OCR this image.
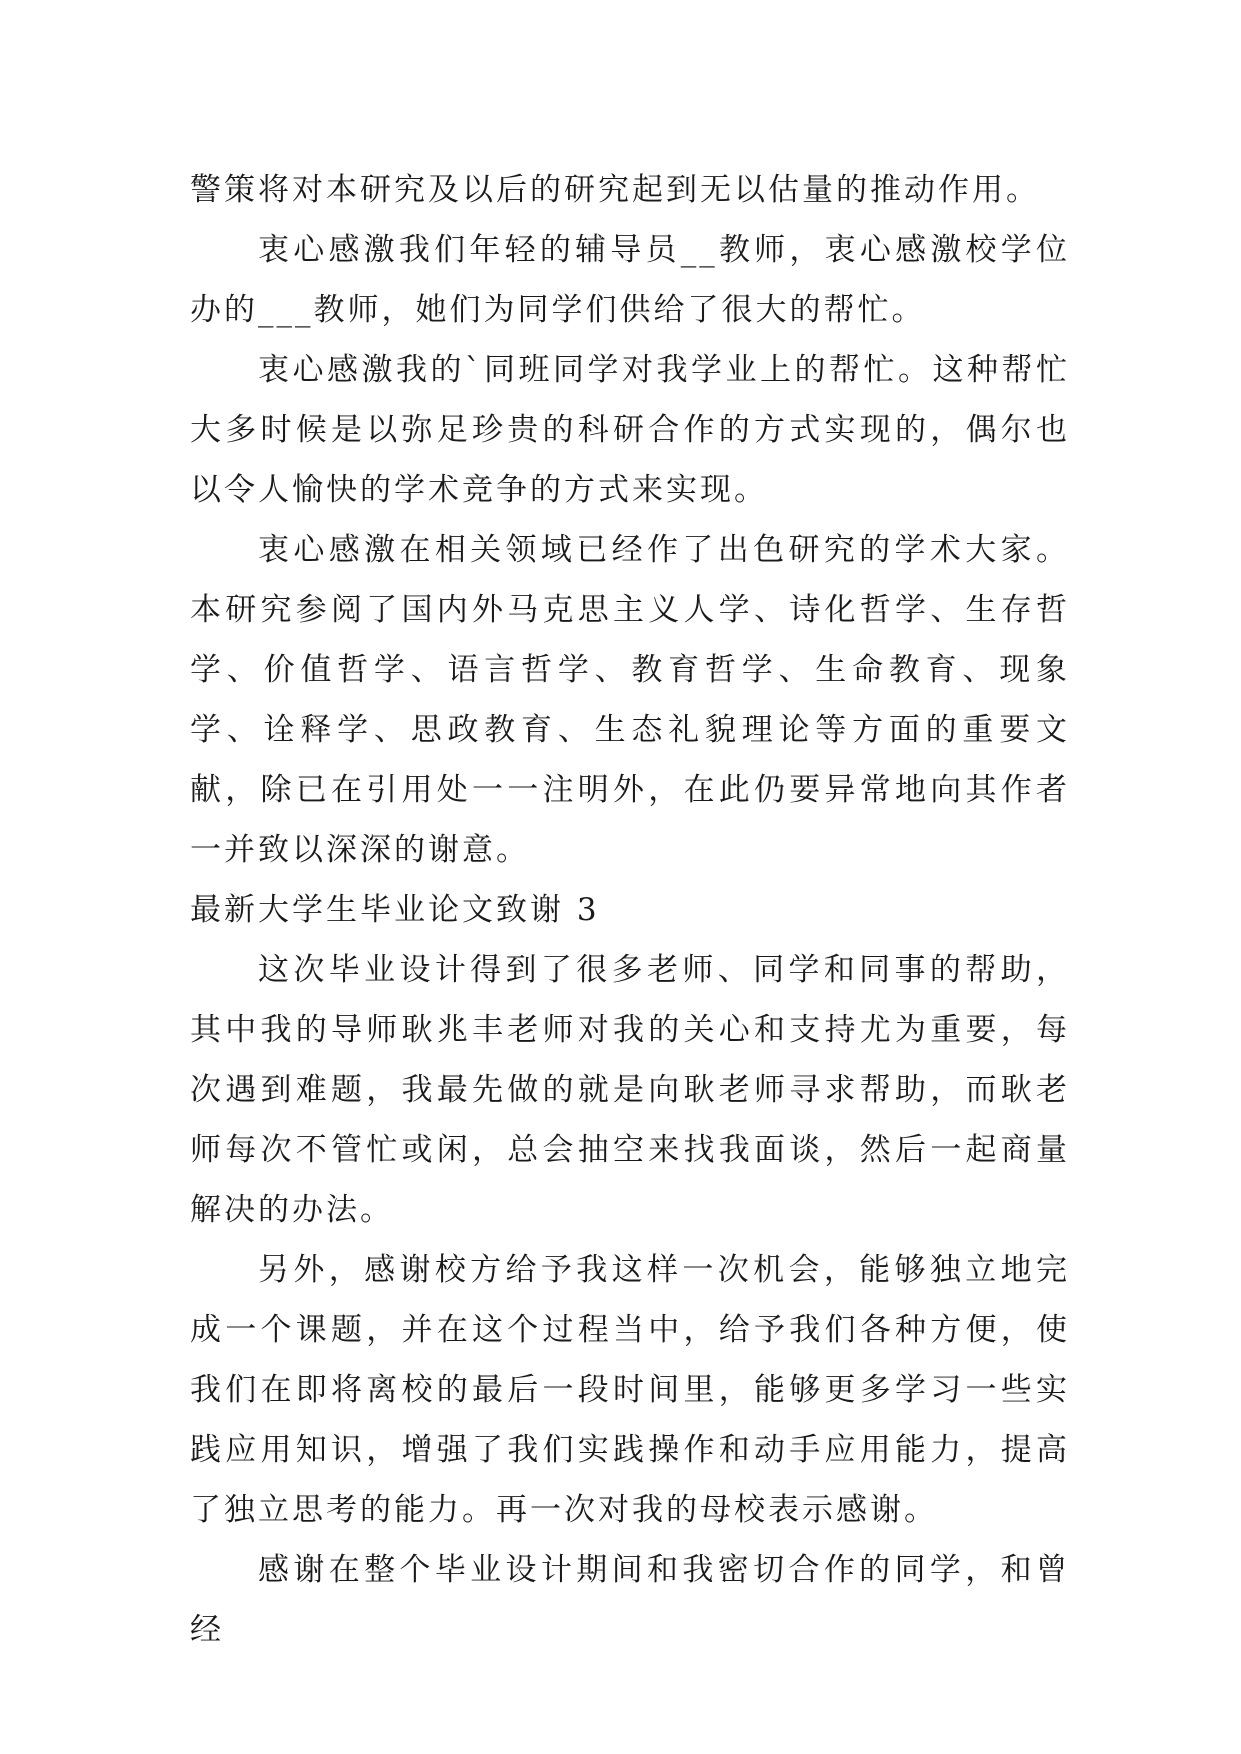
警策将对本研究及以后的研究起到无以估量的推动作用。

衷心感激我们年轻的辅导员__教师，衷心感激校学位办的___教师，她们为同学们供给了很大的帮忙。

衷心感激我的`同班同学对我学业上的帮忙。这种帮忙大多时候是以弥足珍贵的科研合作的方式实现的，偶尔也以令人愉快的学术竞争的方式来实现。

衷心感激在相关领域已经作了出色研究的学术大家。本研究参阅了国内外马克思主义人学、诗化哲学、生存哲学、价值哲学、语言哲学、教育哲学、生命教育、现象学、诠释学、思政教育、生态礼貌理论等方面的重要文献，除已在引用处一一注明外，在此仍要异常地向其作者一并致以深深的谢意。

最新大学生毕业论文致谢 3

这次毕业设计得到了很多老师、同学和同事的帮助，其中我的导师耿兆丰老师对我的关心和支持尤为重要，每次遇到难题，我最先做的就是向耿老师寻求帮助，而耿老师每次不管忙或闲，总会抽空来找我面谈，然后一起商量解决的办法。

另外，感谢校方给予我这样一次机会，能够独立地完成一个课题，并在这个过程当中，给予我们各种方便，使我们在即将离校的最后一段时间里，能够更多学习一些实践应用知识，增强了我们实践操作和动手应用能力，提高了独立思考的能力。再一次对我的母校表示感谢。

感谢在整个毕业设计期间和我密切合作的同学，和曾经
